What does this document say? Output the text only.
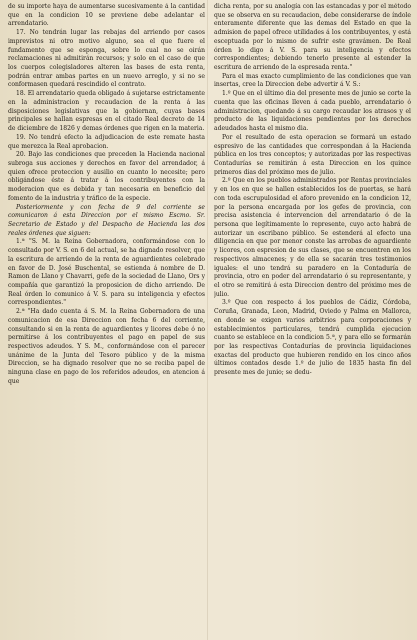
de su importe haya de aumentarse sucesivamente á la cantidad que en la condicion 10 se previene debe adelantar el arrendatario.

17. No tendrán lugar las rebajas del arriendo por casos imprevistos ni otro motivo alguno, sea el que fuere el fundamento que se esponga, sobre lo cual no se oirán reclamaciones ni admitirán recursos; y solo en el caso de que los cuerpos colegisladores alteren las bases de esta renta, podrán entrar ambas partes en un nuevo arreglo, y si no se conformasen quedará rescindido el contrato.

18. El arrendatario queda obligado á sujetarse estrictamente en la administracion y recaudacion de la renta á las disposiciones legislativas que la gobiernan, cuyas bases principales se hallan espresas en el citado Real decreto de 14 de diciembre de 1826 y demas órdenes que rigen en la materia.

19. No tendrá efecto la adjudicacion de este remate hasta que merezca la Real aprobacion.

20. Bajo las condiciones que preceden la Hacienda nacional subroga sus acciones y derechos en favor del arrendador, á quien ofrece proteccion y ausilio en cuanto lo necesite; pero obligándose éste á tratar á los contribuyentes con la moderacion que es debida y tan necesaria en beneficio del fomento de la industria y tráfico de la especie.

Posteriormente y con fecha de 9 del corriente se comunicaron á esta Direccion por el mismo Escmo. Sr. Secretario de Estado y del Despacho de Hacienda las dos reales órdenes que siguen:

1.ª "S. M. la Reina Gobernadora, conformándose con lo consultado por V. S. en 6 del actual, se ha dignado resolver, que la escritura de arriendo de la renta de aguardientes celebrado en favor de D. José Buschental, se estienda á nombre de D. Ramon de Llano y Chavarri, gefe de la sociedad de Llano, Ors y compañía que garantizó la proposicion de dicho arriendo. De Real órden lo comunico á V. S. para su inteligencia y efectos correspondientes."

2.ª "Ha dado cuenta á S. M. la Reina Gobernadora de una comunicacion de esa Direccion con fecha 6 del corriente, consultando si en la renta de aguardientes y licores debe ó no permitirse á los contribuyentes el pago en papel de sus respectivos adeudos. Y S. M., conformándose con el parecer unánime de la Junta del Tesoro público y de la misma Direccion, se ha dignado resolver que no se reciba papel de ninguna clase en pago de los referidos adeudos, en atencion á que

dicha renta, por su analogía con las estancadas y por el método que se observa en su recaudacion, debe considerarse de índole enteramente diferente que las demas del Estado en que la admision de papel ofrece utilidades á los contribuyentes, y está esceptuada por lo mismo de sufrir este gravámen. De Real órden lo digo á V. S. para su inteligencia y efectos correspondientes; debiendo tenerlo presente al estender la escritura de arriendo de la espresada renta."

Para el mas exacto cumplimiento de las condiciones que van insertas, cree la Direccion debe advertir á V. S.:

1.º Que en el último dia del presente mes de junio se corte la cuenta que las oficinas lleven á cada pueblo, arrendatario ó administracion, quedando á su cargo recaudar los atrasos y el producto de las liquidaciones pendientes por los derechos adeudados hasta el mismo dia.

Por el resultado de esta operacion se formará un estado espresivo de las cantidades que correspondan á la Hacienda pública en los tres conceptos; y autorizadas por las respectivas Contadurías se remitirán á esta Direccion en los quince primeros dias del próximo mes de julio.

2.º Que en los pueblos administrados por Rentas provinciales y en los en que se hallen establecidos los de puertas, se hará con toda escrupulosidad el aforo prevenido en la condicion 12, por la persona encargada por los gefes de provincia, con precisa asistencia é intervencion del arrendatario ó de la persona que legítimamente lo represente, cuyo acto habrá de autorizar un escribano público. Se estenderá al efecto una diligencia en que por menor conste las arrobas de aguardiente y licores, con espresion de sus clases, que se encuentren en los respectivos almacenes; y de ella se sacarán tres testimonios iguales: el uno tendrá su paradero en la Contaduría de provincia, otro en poder del arrendatario ó su representante, y el otro se remitirá á esta Direccion dentro del próximo mes de julio.

3.º Que con respecto á los pueblos de Cádiz, Córdoba, Coruña, Granada, Leon, Madrid, Oviedo y Palma en Mallorca, en donde se exigen varios arbitrios para corporaciones y establecimientos particulares, tendrá cumplida ejecucion cuanto se establece en la condicion 5.ª, y para ello se formarán por las respectivas Contadurías de provincia liquidaciones exactas del producto que hubieren rendido en los cinco años últimos contados desde 1.º de julio de 1835 hasta fin del presente mes de junio; se dedu-
